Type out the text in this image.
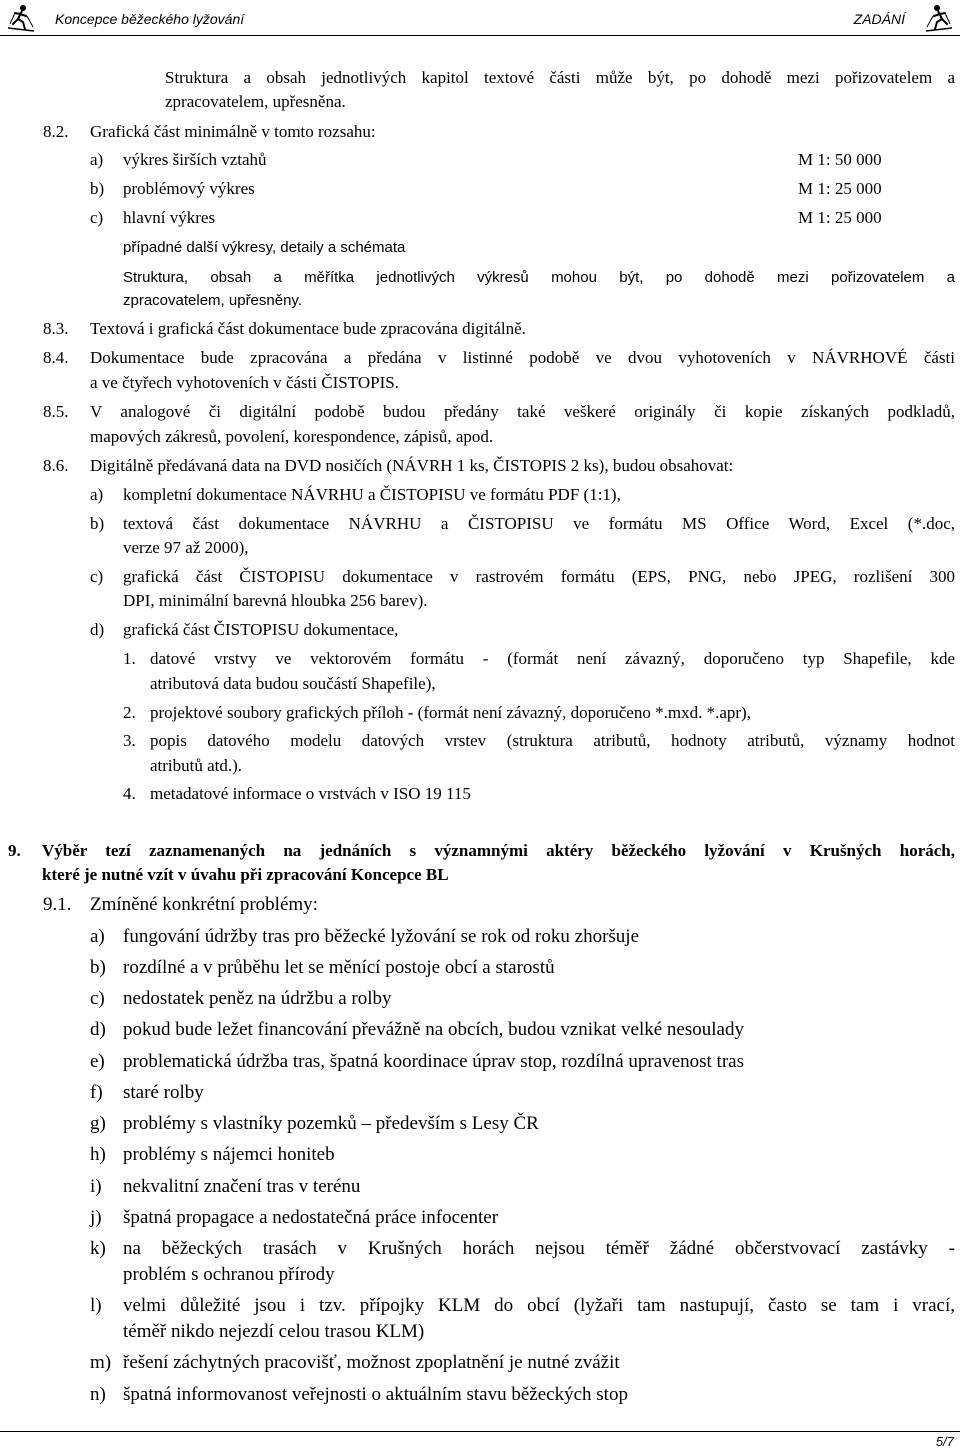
Koncepce běžeckého lyžování	ZADÁNÍ
Struktura a obsah jednotlivých kapitol textové části může být, po dohodě mezi pořizovatelem a
zpracovatelem, upřesněna.
8.2. Grafická část minimálně v tomto rozsahu:
a) výkres širších vztahů	M 1: 50 000
b) problémový výkres	M 1: 25 000
c) hlavní výkres	M 1: 25 000
případné další výkresy, detaily a schémata
Struktura, obsah a měřítka jednotlivých výkresů mohou být, po dohodě mezi pořizovatelem a
zpracovatelem, upřesněny.
8.3. Textová i grafická část dokumentace bude zpracována digitálně.
8.4. Dokumentace bude zpracována a předána v listinné podobě ve dvou vyhotoveních v NÁVRHOVÉ části
a ve čtyřech vyhotoveních v části ČISTOPIS.
8.5. V analogové či digitální podobě budou předány také veškeré originály či kopie získaných podkladů,
mapových zákresů, povolení, korespondence, zápisů, apod.
8.6. Digitálně předávaná data na DVD nosičích (NÁVRH 1 ks, ČISTOPIS 2 ks), budou obsahovat:
a) kompletní dokumentace NÁVRHU a ČISTOPISU ve formátu PDF (1:1),
b) textová část dokumentace NÁVRHU a ČISTOPISU ve formátu MS Office Word, Excel (*.doc,
verze 97 až 2000),
c) grafická část ČISTOPISU dokumentace v rastrovém formátu (EPS, PNG, nebo JPEG, rozlišení 300
DPI, minimální barevná hloubka 256 barev).
d) grafická část ČISTOPISU dokumentace,
1. datové vrstvy ve vektorovém formátu - (formát není závazný, doporučeno typ Shapefile, kde
atributová data budou součástí Shapefile),
2. projektové soubory grafických příloh - (formát není závazný, doporučeno *.mxd. *.apr),
3. popis datového modelu datových vrstev (struktura atributů, hodnoty atributů, významy hodnot
atributů atd.).
4. metadatové informace o vrstvách v ISO 19 115
9. Výběr tezí zaznamenaných na jednáních s významnými aktéry běžeckého lyžování v Krušných horách,
které je nutné vzít v úvahu při zpracování Koncepce BL
9.1. Zmíněné konkrétní problémy:
a) fungování údržby tras pro běžecké lyžování se rok od roku zhoršuje
b) rozdílné a v průběhu let se měnící postoje obcí a starostů
c) nedostatek peněz na údržbu a rolby
d) pokud bude ležet financování převážně na obcích, budou vznikat velké nesoulady
e) problematická údržba tras, špatná koordinace úprav stop, rozdílná upravenost tras
f) staré rolby
g) problémy s vlastníky pozemků – především s Lesy ČR
h) problémy s nájemci honiteb
i) nekvalitní značení tras v terénu
j) špatná propagace a nedostatečná práce infocenter
k) na běžeckých trasách v Krušných horách nejsou téměř žádné občerstvovací zastávky -
problém s ochranou přírody
l) velmi důležité jsou i tzv. přípojky KLM do obcí (lyžaři tam nastupují, často se tam i vrací,
téměř nikdo nejezdí celou trasou KLM)
m) řešení záchytných pracovišť, možnost zpoplatnění je nutné zvážit
n) špatná informovanost veřejnosti o aktuálním stavu běžeckých stop
5/7
